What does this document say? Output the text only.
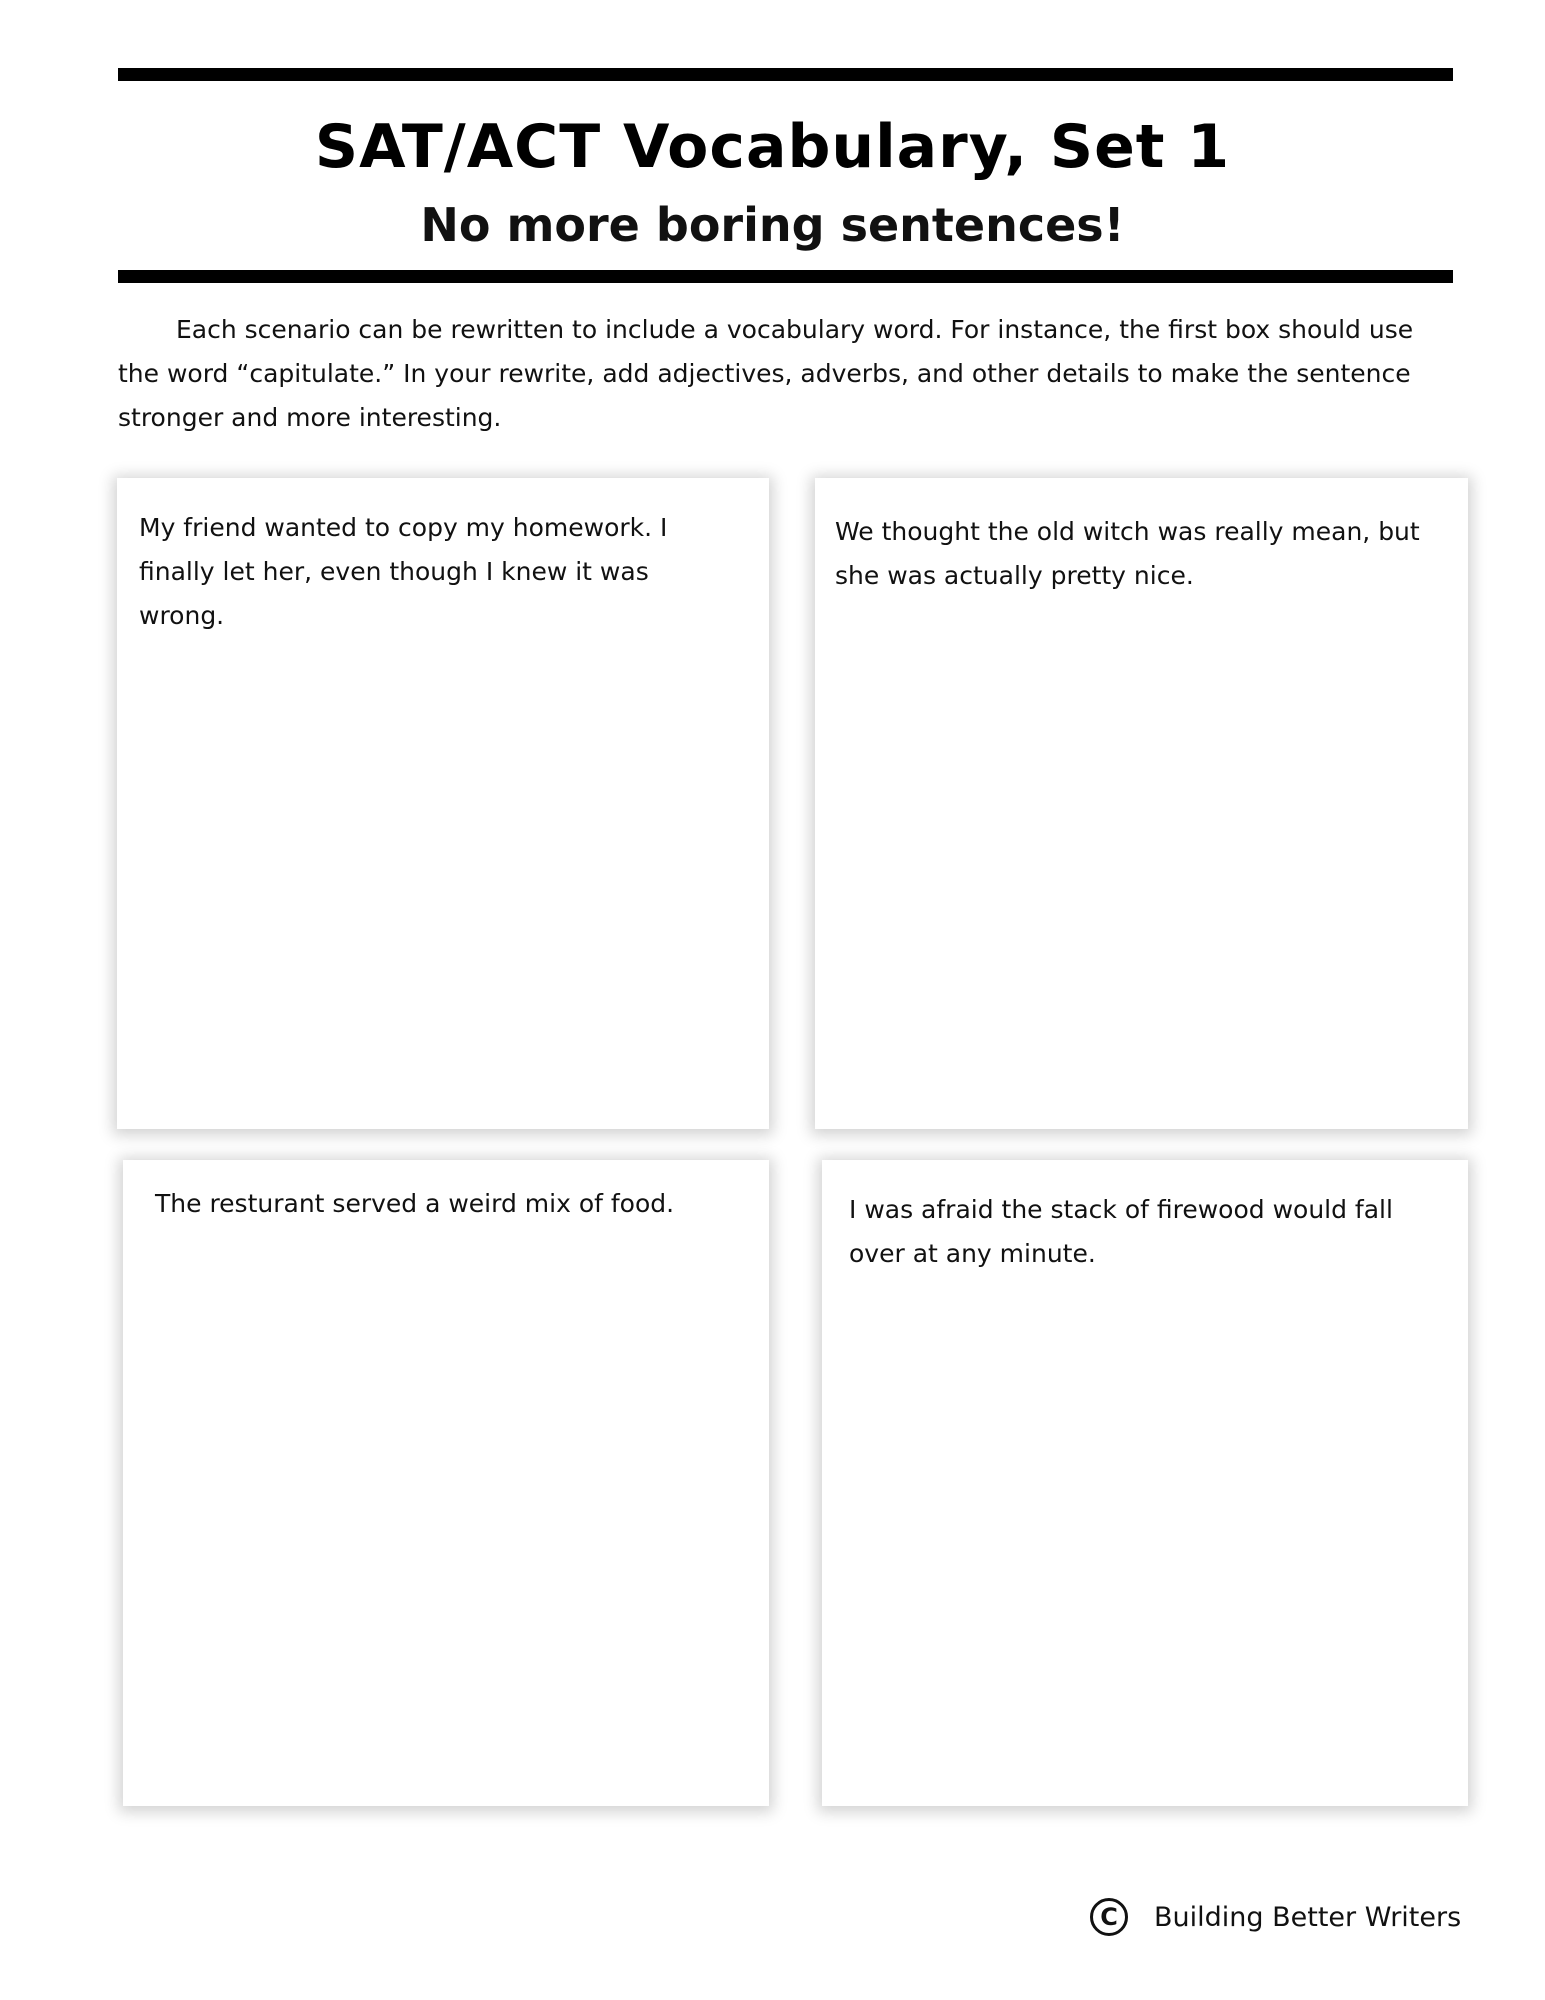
SAT/ACT Vocabulary, Set 1
No more boring sentences!

Each scenario can be rewritten to include a vocabulary word. For instance, the first box should use the word “capitulate.” In your rewrite, add adjectives, adverbs, and other details to make the sentence stronger and more interesting.

My friend wanted to copy my homework. I finally let her, even though I knew it was wrong.

We thought the old witch was really mean, but she was actually pretty nice.

The resturant served a weird mix of food.	I was afraid the stack of firewood would fall over at any minute.

C	Building Better Writers
